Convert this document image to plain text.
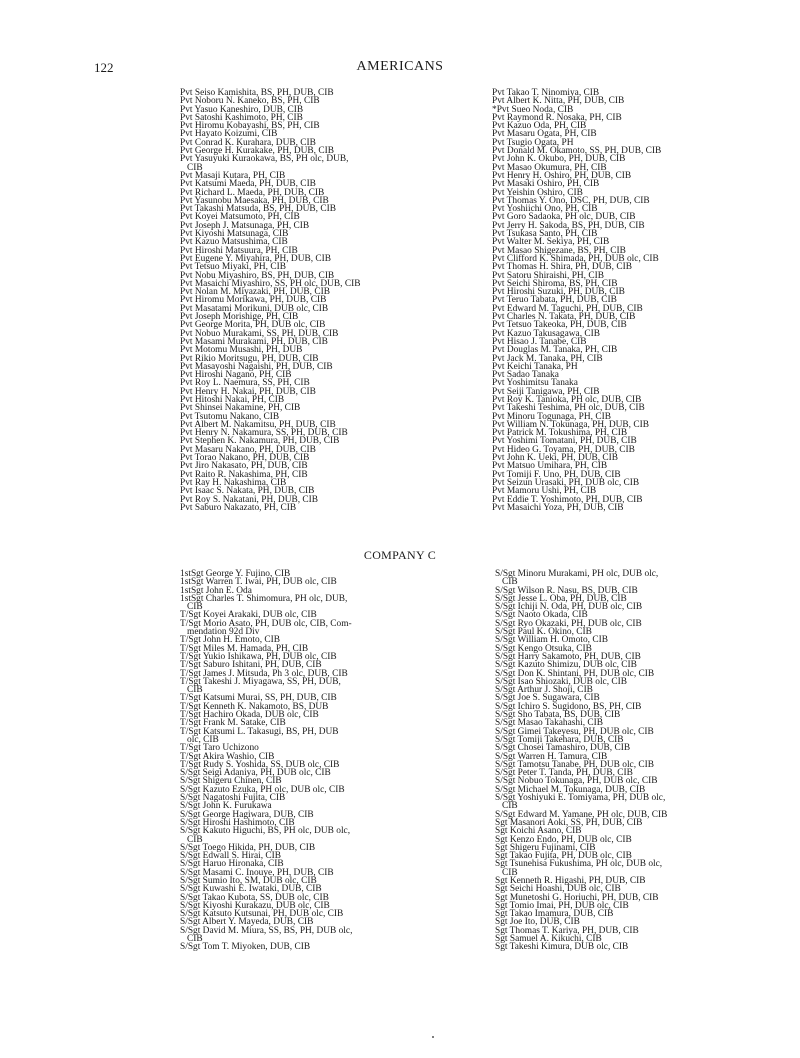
122	AMERICANS
Pvt Seiso Kamishita, BS, PH, DUB, CIB
Pvt Noboru N. Kaneko, BS, PH, CIB
Pvt Yasuo Kaneshiro, DUB, CIB
Pvt Satoshi Kashimoto, PH, CIB
Pvt Hiromu Kobayashi, BS, PH, CIB
Pvt Hayato Koizumi, CIB
Pvt Conrad K. Kurahara, DUB, CIB
Pvt George H. Kurakake, PH, DUB, CIB
Pvt Yasuyuki Kuraokawa, BS, PH olc, DUB,
CIB
Pvt Masaji Kutara, PH, CIB
Pvt Katsumi Maeda, PH, DUB, CIB
Pvt Richard L. Maeda, PH, DUB, CIB
Pvt Yasunobu Maesaka, PH, DUB, CIB
Pvt Takashi Matsuda, BS, PH, DUB, CIB
Pvt Koyei Matsumoto, PH, CIB
Pvt Joseph J. Matsunaga, PH, CIB
Pvt Kiyoshi Matsunaga, CIB
Pvt Kazuo Matsushima, CIB
Pvt Hiroshi Matsuura, PH, CIB
Pvt Eugene Y. Miyahira, PH, DUB, CIB
Pvt Tetsuo Miyaki, PH, CIB
Pvt Nobu Miyashiro, BS, PH, DUB, CIB
Pvt Masaichi Miyashiro, SS, PH olc, DUB, CIB
Pvt Nolan M. Miyazaki, PH, DUB, CIB
Pvt Hiromu Morikawa, PH, DUB, CIB
Pvt Masatami Morikuni, DUB olc, CIB
Pvt Joseph Morishige, PH, CIB
Pvt George Morita, PH, DUB olc, CIB
Pvt Nobuo Murakami, SS, PH, DUB, CIB
Pvt Masami Murakami, PH, DUB, CIB
Pvt Motomu Musashi, PH, DUB
Pvt Rikio Moritsugu, PH, DUB, CIB
Pvt Masayoshi Nagaishi, PH, DUB, CIB
Pvt Hiroshi Nagano, PH, CIB
Pvt Roy L. Naemura, SS, PH, CIB
Pvt Henry H. Nakai, PH, DUB, CIB
Pvt Hitoshi Nakai, PH, CIB
Pvt Shinsei Nakamine, PH, CIB
Pvt Tsutomu Nakano, CIB
Pvt Albert M. Nakamitsu, PH, DUB, CIB
Pvt Henry N. Nakamura, SS, PH, DUB, CIB
Pvt Stephen K. Nakamura, PH, DUB, CIB
Pvt Masaru Nakano, PH, DUB, CIB
Pvt Torao Nakano, PH, DUB, CIB
Pvt Jiro Nakasato, PH, DUB, CIB
Pvt Raito R. Nakashima, PH, CIB
Pvt Ray H. Nakashima, CIB
Pvt Isaac S. Nakata, PH, DUB, CIB
Pvt Roy S. Nakatani, PH, DUB, CIB
Pvt Saburo Nakazato, PH, CIB
Pvt Takao T. Ninomiya, CIB
Pvt Albert K. Nitta, PH, DUB, CIB
*Pvt Sueo Noda, CIB
Pvt Raymond R. Nosaka, PH, CIB
Pvt Kazuo Oda, PH, CIB
Pvt Masaru Ogata, PH, CIB
Pvt Tsugio Ogata, PH
Pvt Donald M. Okamoto, SS, PH, DUB, CIB
Pvt John K. Okubo, PH, DUB, CIB
Pvt Masao Okumura, PH, CIB
Pvt Henry H. Oshiro, PH, DUB, CIB
Pvt Masaki Oshiro, PH, CIB
Pvt Yeishin Oshiro, CIB
Pvt Thomas Y. Ono, DSC, PH, DUB, CIB
Pvt Yoshiichi Ono, PH, CIB
Pvt Goro Sadaoka, PH olc, DUB, CIB
Pvt Jerry H. Sakoda, BS, PH, DUB, CIB
Pvt Tsukasa Santo, PH, CIB
Pvt Walter M. Sekiya, PH, CIB
Pvt Masao Shigezane, BS, PH, CIB
Pvt Clifford K. Shimada, PH, DUB olc, CIB
Pvt Thomas H. Shira, PH, DUB, CIB
Pvt Satoru Shiraishi, PH, CIB
Pvt Seichi Shiroma, BS, PH, CIB
Pvt Hiroshi Suzuki, PH, DUB, CIB
Pvt Teruo Tabata, PH, DUB, CIB
Pvt Edward M. Taguchi, PH, DUB, CIB
Pvt Charles N. Takata, PH, DUB, CIB
Pvt Tetsuo Takeoka, PH, DUB, CIB
Pvt Kazuo Takusagawa, CIB
Pvt Hisao J. Tanabe, CIB
Pvt Douglas M. Tanaka, PH, CIB
Pvt Jack M. Tanaka, PH, CIB
Pvt Keichi Tanaka, PH
Pvt Sadao Tanaka
Pvt Yoshimitsu Tanaka
Pvt Seiji Tanigawa, PH, CIB
Pvt Roy K. Tanioka, PH olc, DUB, CIB
Pvt Takeshi Teshima, PH olc, DUB, CIB
Pvt Minoru Togunaga, PH, CIB
Pvt William N. Tokunaga, PH, DUB, CIB
Pvt Patrick M. Tokushima, PH, CIB
Pvt Yoshimi Tomatani, PH, DUB, CIB
Pvt Hideo G. Toyama, PH, DUB, CIB
Pvt John K. Ueki, PH, DUB, CIB
Pvt Matsuo Umihara, PH, CIB
Pvt Tomiji F. Uno, PH, DUB, CIB
Pvt Seizun Urasaki, PH, DUB olc, CIB
Pvt Mamoru Ushi, PH, CIB
Pvt Eddie T. Yoshimoto, PH, DUB, CIB
Pvt Masaichi Yoza, PH, DUB, CIB
COMPANY C
1stSgt George Y. Fujino, CIB
1stSgt Warren T. Iwai, PH, DUB olc, CIB
1stSgt John E. Oda
1stSgt Charles T. Shimomura, PH olc, DUB,
CIB
T/Sgt Koyei Arakaki, DUB olc, CIB
T/Sgt Morio Asato, PH, DUB olc, CIB, Com-
mendation 92d Div
T/Sgt John H. Emoto, CIB
T/Sgt Miles M. Hamada, PH, CIB
T/Sgt Yukio Ishikawa, PH, DUB olc, CIB
T/Sgt Saburo Ishitani, PH, DUB, CIB
T/Sgt James J. Mitsuda, Ph 3 olc, DUB, CIB
T/Sgt Takeshi J. Miyagawa, SS, PH, DUB,
CIB
T/Sgt Katsumi Murai, SS, PH, DUB, CIB
T/Sgt Kenneth K. Nakamoto, BS, DUB
T/Sgt Hachiro Okada, DUB olc, CIB
T/Sgt Frank M. Satake, CIB
T/Sgt Katsumi L. Takasugi, BS, PH, DUB
olc, CIB
T/Sgt Taro Uchizono
T/Sgt Akira Washio, CIB
T/Sgt Rudy S. Yoshida, SS, DUB olc, CIB
S/Sgt Seigi Adaniya, PH, DUB olc, CIB
S/Sgt Shigeru Chinen, CIB
S/Sgt Kazuto Ezuka, PH olc, DUB olc, CIB
S/Sgt Nagatoshi Fujita, CIB
S/Sgt John K. Furukawa
S/Sgt George Hagiwara, DUB, CIB
S/Sgt Hiroshi Hashimoto, CIB
S/Sgt Kakuto Higuchi, BS, PH olc, DUB olc,
CIB
S/Sgt Toego Hikida, PH, DUB, CIB
S/Sgt Edwall S. Hirai, CIB
S/Sgt Haruo Hironaka, CIB
S/Sgt Masami C. Inouye, PH, DUB, CIB
S/Sgt Sumio Ito, SM, DUB olc, CIB
S/Sgt Kuwashi E. Iwataki, DUB, CIB
S/Sgt Takao Kubota, SS, DUB olc, CIB
S/Sgt Kiyoshi Kurakazu, DUB olc, CIB
S/Sgt Katsuto Kutsunai, PH, DUB olc, CIB
S/Sgt Albert Y. Mayeda, DUB, CIB
S/Sgt David M. Miura, SS, BS, PH, DUB olc,
CIB
S/Sgt Tom T. Miyoken, DUB, CIB
S/Sgt Minoru Murakami, PH olc, DUB olc,
CIB
S/Sgt Wilson R. Nasu, BS, DUB, CIB
S/Sgt Jesse L. Oba, PH, DUB, CIB
S/Sgt Ichiji N. Oda, PH, DUB olc, CIB
S/Sgt Naoto Okada, CIB
S/Sgt Ryo Okazaki, PH, DUB olc, CIB
S/Sgt Paul K. Okino, CIB
S/Sgt William H. Omoto, CIB
S/Sgt Kengo Otsuka, CIB
S/Sgt Harry Sakamoto, PH, DUB, CIB
S/Sgt Kazuto Shimizu, DUB olc, CIB
S/Sgt Don K. Shintani, PH, DUB olc, CIB
S/Sgt Isao Shiozaki, DUB olc, CIB
S/Sgt Arthur J. Shoji, CIB
S/Sgt Joe S. Sugawara, CIB
S/Sgt Ichiro S. Sugidono, BS, PH, CIB
S/Sgt Sho Tabata, BS, DUB, CIB
S/Sgt Masao Takahashi, CIB
S/Sgt Gimei Takeyesu, PH, DUB olc, CIB
S/Sgt Tomiji Takehara, DUB, CIB
S/Sgt Chosei Tamashiro, DUB, CIB
S/Sgt Warren H. Tamura, CIB
S/Sgt Tamotsu Tanabe, PH, DUB olc, CIB
S/Sgt Peter T. Tanda, PH, DUB, CIB
S/Sgt Nobuo Tokunaga, PH, DUB olc, CIB
S/Sgt Michael M. Tokunaga, DUB, CIB
S/Sgt Yoshiyuki E. Tomiyama, PH, DUB olc,
CIB
S/Sgt Edward M. Yamane, PH olc, DUB, CIB
Sgt Masanori Aoki, SS, PH, DUB, CIB
Sgt Koichi Asano, CIB
Sgt Kenzo Endo, PH, DUB olc, CIB
Sgt Shigeru Fujinami, CIB
Sgt Takao Fujita, PH, DUB olc, CIB
Sgt Tsunehisa Fukushima, PH olc, DUB olc,
CIB
Sgt Kenneth R. Higashi, PH, DUB, CIB
Sgt Seichi Hoashi, DUB olc, CIB
Sgt Munetoshi G. Horiuchi, PH, DUB, CIB
Sgt Tomio Imai, PH, DUB olc, CIB
Sgt Takao Imamura, DUB, CIB
Sgt Joe Ito, DUB, CIB
Sgt Thomas T. Kariya, PH, DUB, CIB
Sgt Samuel A. Kikuchi, CIB
Sgt Takeshi Kimura, DUB olc, CIB
